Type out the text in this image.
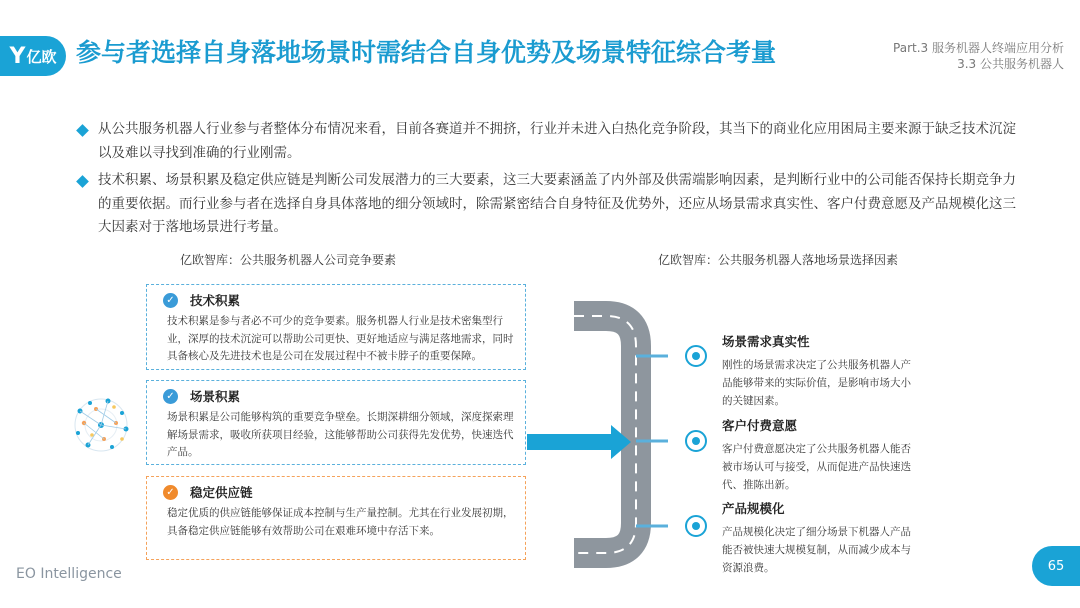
Y 亿欧 参与者选择自身落地场景时需结合自身优势及场景特征综合考量	Part.3 服务机器人终端应用分析
3.3 公共服务机器人
从公共服务机器人行业参与者整体分布情况来看，目前各赛道并不拥挤，行业并未进入白热化竞争阶段，其当下的商业化应用困局主要来源于缺乏技术沉淀以及难以寻找到准确的行业刚需。
技术积累、场景积累及稳定供应链是判断公司发展潜力的三大要素，这三大要素涵盖了内外部及供需端影响因素，是判断行业中的公司能否保持长期竞争力的重要依据。而行业参与者在选择自身具体落地的细分领域时，除需紧密结合自身特征及优势外，还应从场景需求真实性、客户付费意愿及产品规模化这三大因素对于落地场景进行考量。
亿欧智库：公共服务机器人公司竞争要素	亿欧智库：公共服务机器人落地场景选择因素
✓ 技术积累
技术积累是参与者必不可少的竞争要素。服务机器人行业是技术密集型行业，深厚的技术沉淀可以帮助公司更快、更好地适应与满足落地需求，同时具备核心及先进技术也是公司在发展过程中不被卡脖子的重要保障。
✓ 场景积累
场景积累是公司能够构筑的重要竞争壁垒。长期深耕细分领域，深度探索理解场景需求，吸收所获项目经验，这能够帮助公司获得先发优势，快速迭代产品。
✓ 稳定供应链
稳定优质的供应链能够保证成本控制与生产量控制。尤其在行业发展初期，具备稳定供应链能够有效帮助公司在艰难环境中存活下来。
场景需求真实性
刚性的场景需求决定了公共服务机器人产品能够带来的实际价值，是影响市场大小的关键因素。
客户付费意愿
客户付费意愿决定了公共服务机器人能否被市场认可与接受，从而促进产品快速迭代、推陈出新。
产品规模化
产品规模化决定了细分场景下机器人产品能否被快速大规模复制，从而减少成本与资源浪费。
EO Intelligence	65
